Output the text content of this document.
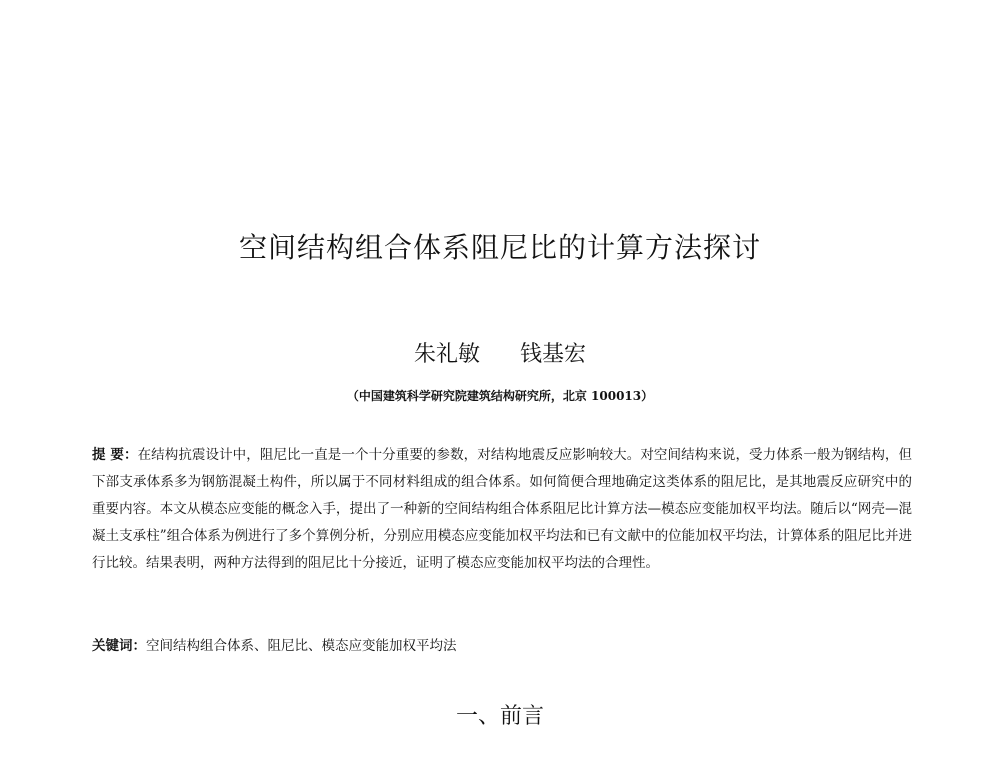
空间结构组合体系阻尼比的计算方法探讨
朱礼敏 钱基宏
（中国建筑科学研究院建筑结构研究所，北京 100013）
提 要：在结构抗震设计中，阻尼比一直是一个十分重要的参数，对结构地震反应影响较大。对空间结构来说，受力体系一般为钢结构，但下部支承体系多为钢筋混凝土构件，所以属于不同材料组成的组合体系。如何简便合理地确定这类体系的阻尼比，是其地震反应研究中的重要内容。本文从模态应变能的概念入手，提出了一种新的空间结构组合体系阻尼比计算方法—模态应变能加权平均法。随后以“网壳—混凝土支承柱”组合体系为例进行了多个算例分析，分别应用模态应变能加权平均法和已有文献中的位能加权平均法，计算体系的阻尼比并进行比较。结果表明，两种方法得到的阻尼比十分接近，证明了模态应变能加权平均法的合理性。
关键词：空间结构组合体系、阻尼比、模态应变能加权平均法
一、前言
